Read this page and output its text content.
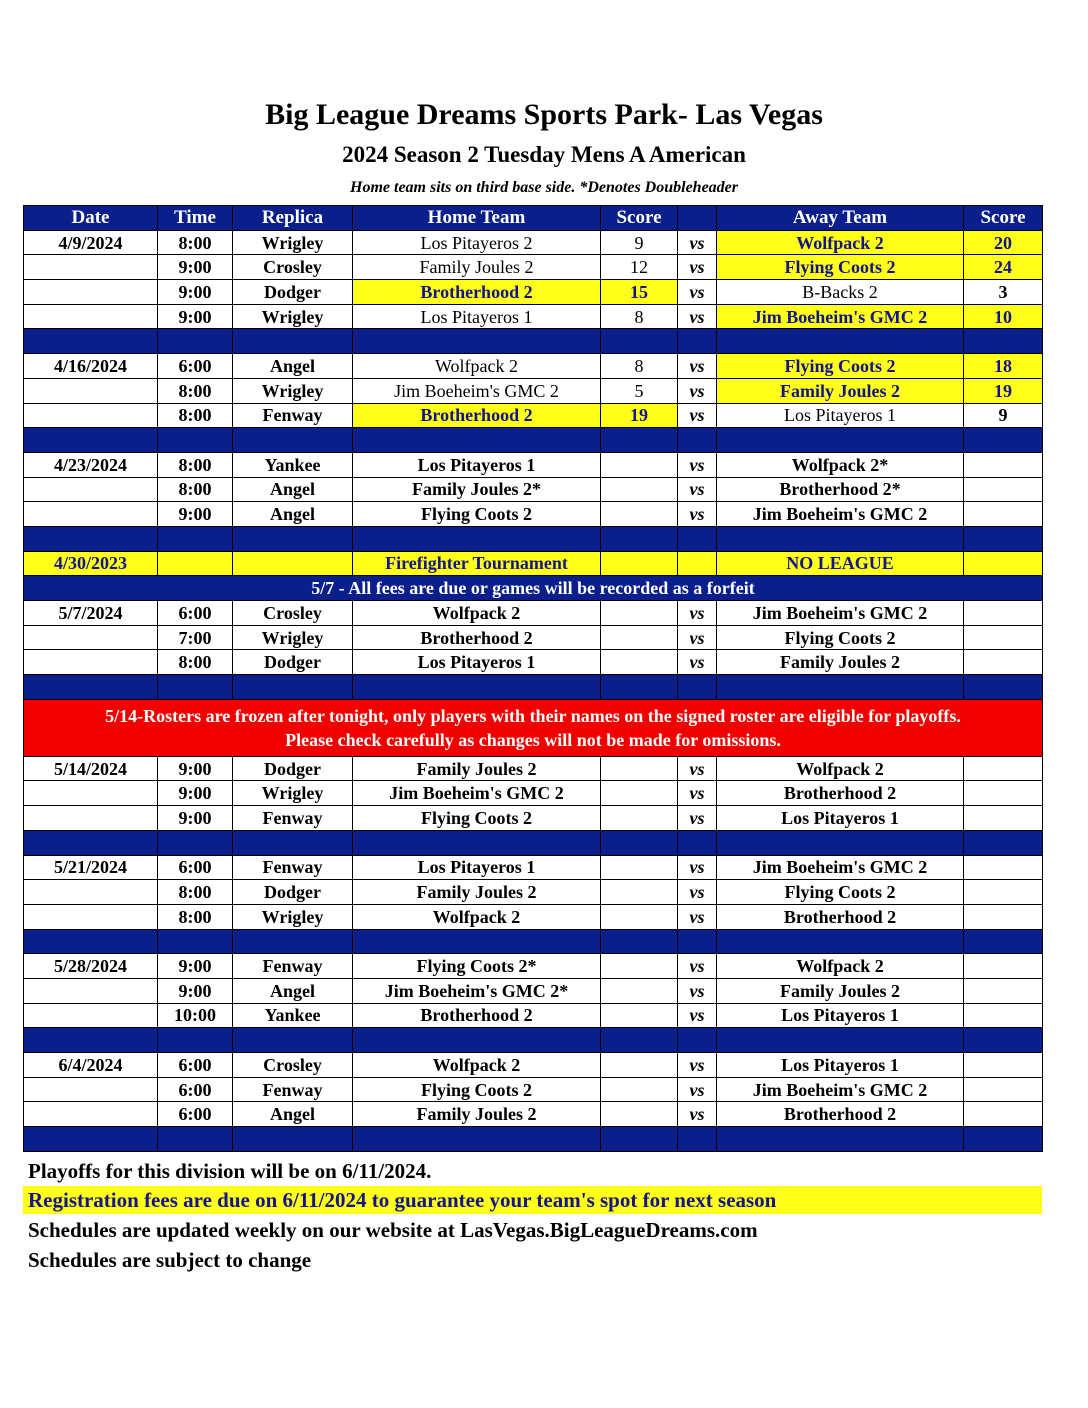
Big League Dreams Sports Park- Las Vegas
2024 Season 2 Tuesday Mens A American
Home team sits on third base side. *Denotes Doubleheader
Date	Time	Replica	Home Team	Score		Away Team	Score
4/9/2024	8:00	Wrigley	Los Pitayeros 2	9	vs	Wolfpack 2	20
	9:00	Crosley	Family Joules 2	12	vs	Flying Coots 2	24
	9:00	Dodger	Brotherhood 2	15	vs	B-Backs 2	3
	9:00	Wrigley	Los Pitayeros 1	8	vs	Jim Boeheim's GMC 2	10

4/16/2024	6:00	Angel	Wolfpack 2	8	vs	Flying Coots 2	18
	8:00	Wrigley	Jim Boeheim's GMC 2	5	vs	Family Joules 2	19
	8:00	Fenway	Brotherhood 2	19	vs	Los Pitayeros 1	9

4/23/2024	8:00	Yankee	Los Pitayeros 1		vs	Wolfpack 2*	
	8:00	Angel	Family Joules 2*		vs	Brotherhood 2*	
	9:00	Angel	Flying Coots 2		vs	Jim Boeheim's GMC 2	

4/30/2023			Firefighter Tournament			NO LEAGUE	
5/7 - All fees are due or games will be recorded as a forfeit							
5/7/2024	6:00	Crosley	Wolfpack 2		vs	Jim Boeheim's GMC 2	
	7:00	Wrigley	Brotherhood 2		vs	Flying Coots 2	
	8:00	Dodger	Los Pitayeros 1		vs	Family Joules 2	

5/14-Rosters are frozen after tonight, only players with their names on the signed roster are eligible for playoffs.
Please check carefully as changes will not be made for omissions.							

5/14/2024	9:00	Dodger	Family Joules 2		vs	Wolfpack 2	
	9:00	Wrigley	Jim Boeheim's GMC 2		vs	Brotherhood 2	
	9:00	Fenway	Flying Coots 2		vs	Los Pitayeros 1	

5/21/2024	6:00	Fenway	Los Pitayeros 1		vs	Jim Boeheim's GMC 2	
	8:00	Dodger	Family Joules 2		vs	Flying Coots 2	
	8:00	Wrigley	Wolfpack 2		vs	Brotherhood 2	

5/28/2024	9:00	Fenway	Flying Coots 2*		vs	Wolfpack 2	
	9:00	Angel	Jim Boeheim's GMC 2*		vs	Family Joules 2	
	10:00	Yankee	Brotherhood 2		vs	Los Pitayeros 1	

6/4/2024	6:00	Crosley	Wolfpack 2		vs	Los Pitayeros 1	
	6:00	Fenway	Flying Coots 2		vs	Jim Boeheim's GMC 2	
	6:00	Angel	Family Joules 2		vs	Brotherhood 2	

Playoffs for this division will be on 6/11/2024.
Registration fees are due on 6/11/2024 to guarantee your team's spot for next season
Schedules are updated weekly on our website at LasVegas.BigLeagueDreams.com
Schedules are subject to change
